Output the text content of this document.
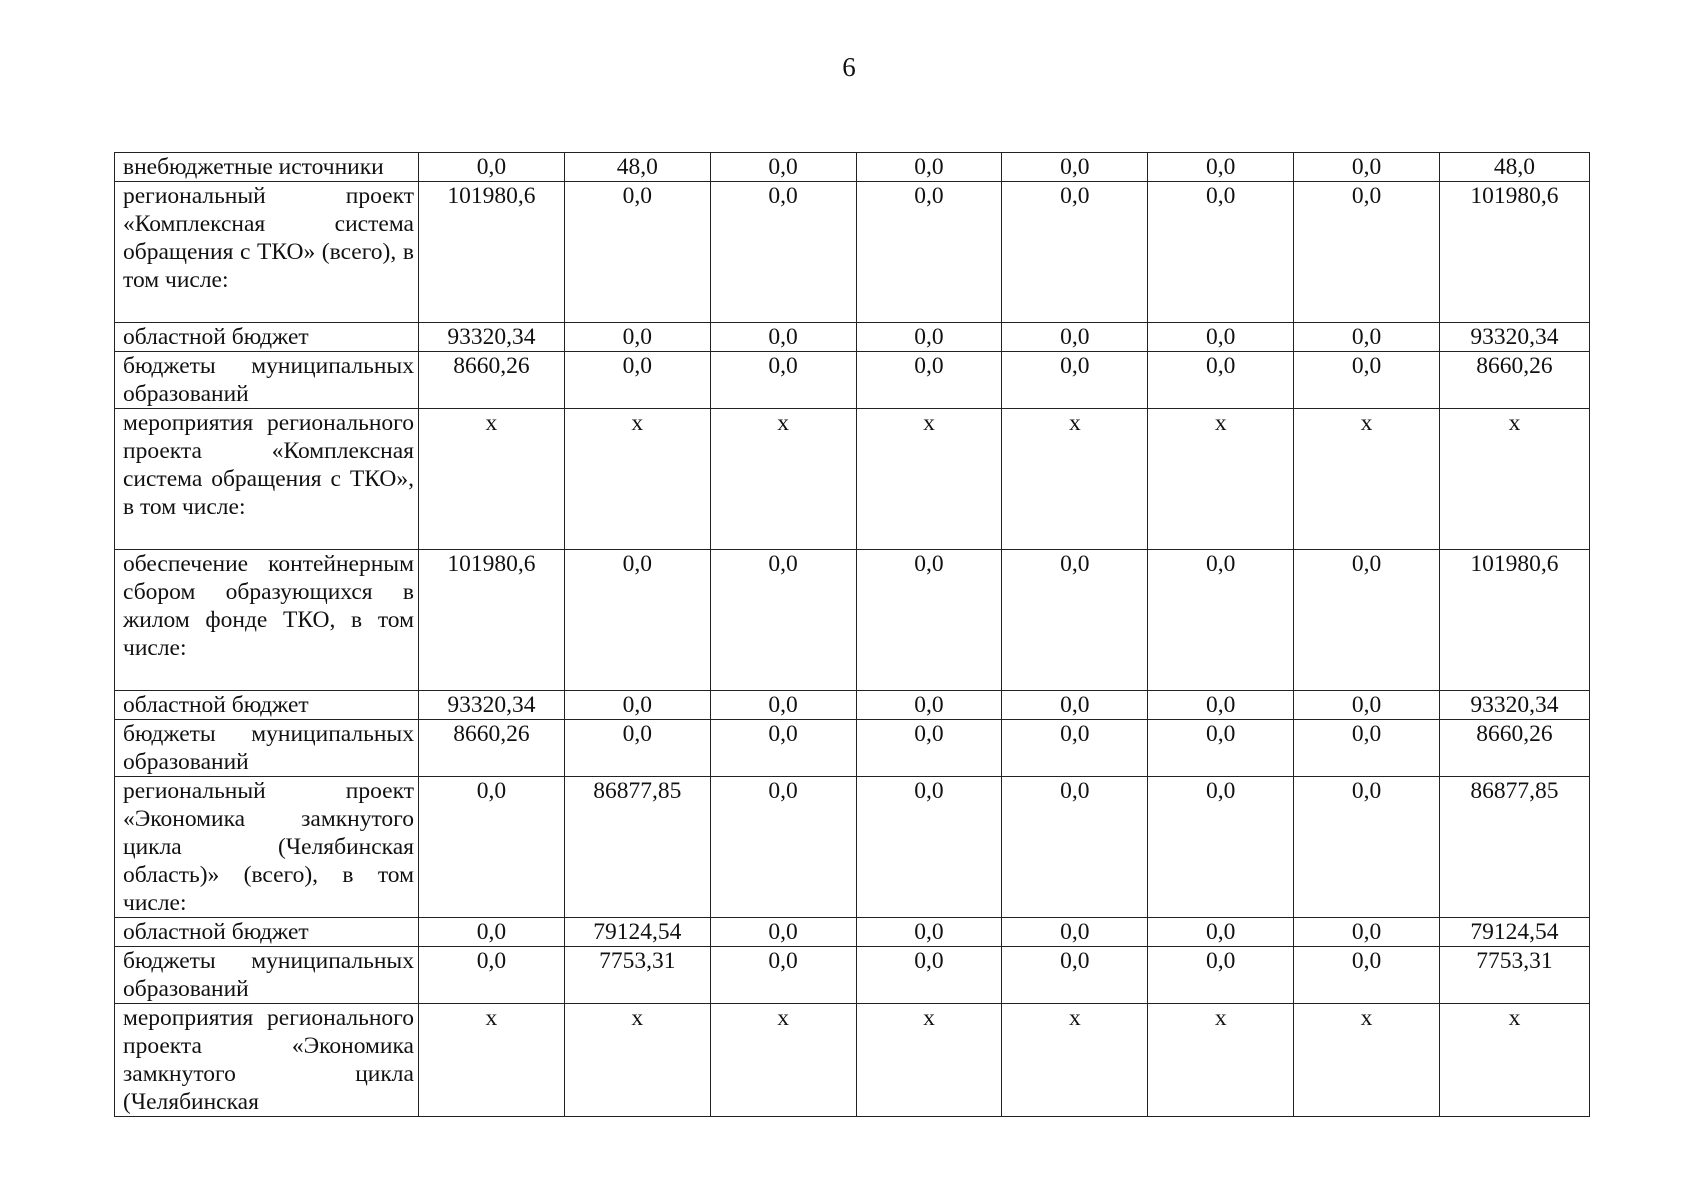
6
внебюджетные источники	0,0	48,0	0,0	0,0	0,0	0,0	0,0	48,0
региональный проект «Комплексная система обращения с ТКО» (всего), в том числе:	101980,6	0,0	0,0	0,0	0,0	0,0	0,0	101980,6
областной бюджет	93320,34	0,0	0,0	0,0	0,0	0,0	0,0	93320,34
бюджеты муниципальных образований	8660,26	0,0	0,0	0,0	0,0	0,0	0,0	8660,26
мероприятия регионального проекта «Комплексная система обращения с ТКО», в том числе:	x	x	x	x	x	x	x	x
обеспечение контейнерным сбором образующихся в жилом фонде ТКО, в том числе:	101980,6	0,0	0,0	0,0	0,0	0,0	0,0	101980,6
областной бюджет	93320,34	0,0	0,0	0,0	0,0	0,0	0,0	93320,34
бюджеты муниципальных образований	8660,26	0,0	0,0	0,0	0,0	0,0	0,0	8660,26
региональный проект «Экономика замкнутого цикла (Челябинская область)» (всего), в том числе:	0,0	86877,85	0,0	0,0	0,0	0,0	0,0	86877,85
областной бюджет	0,0	79124,54	0,0	0,0	0,0	0,0	0,0	79124,54
бюджеты муниципальных образований	0,0	7753,31	0,0	0,0	0,0	0,0	0,0	7753,31
мероприятия регионального проекта «Экономика замкнутого цикла (Челябинская	x	x	x	x	x	x	x	x
